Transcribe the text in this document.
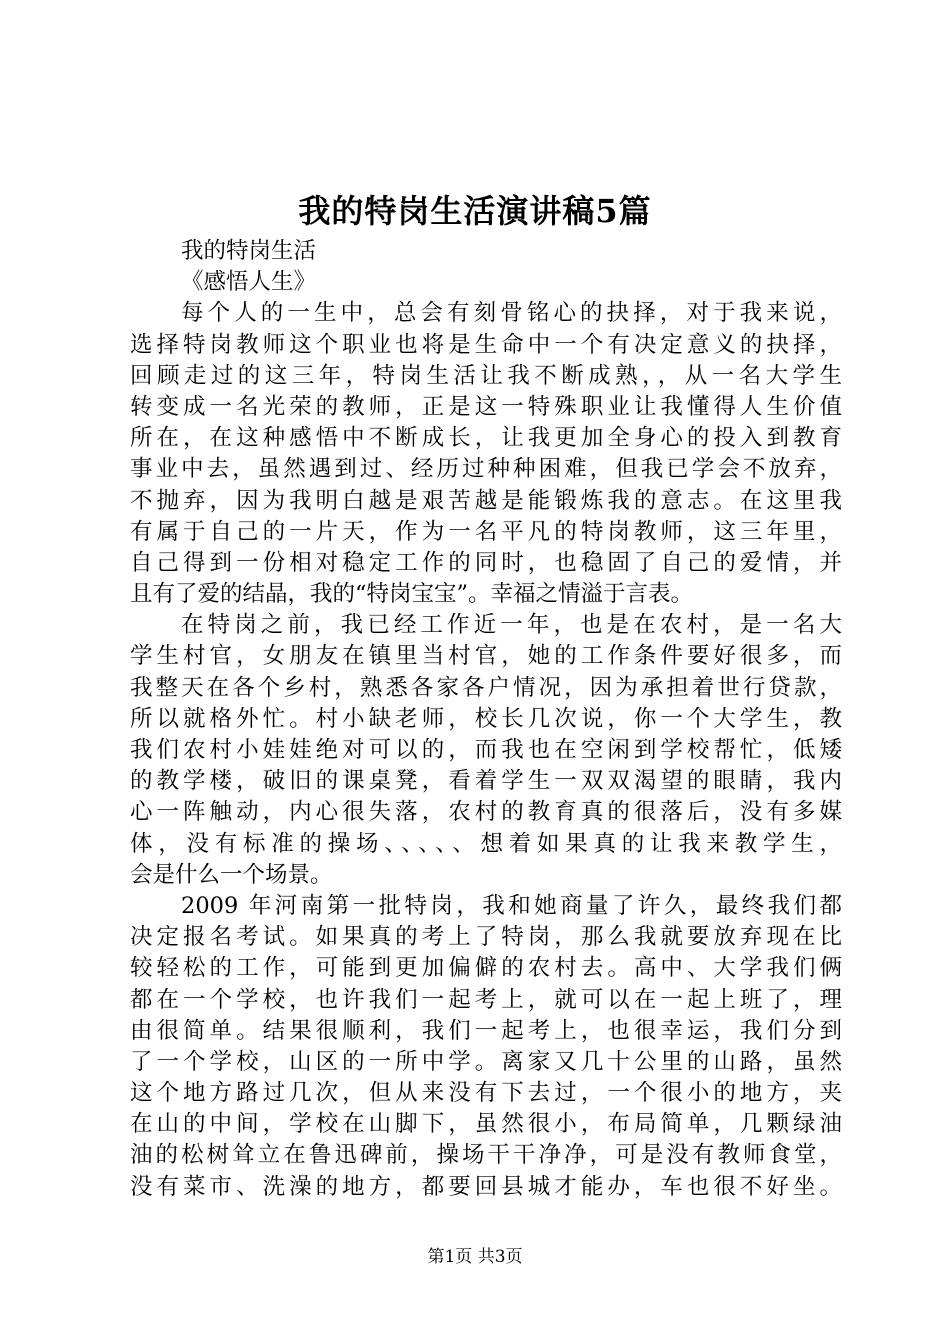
我的特岗生活演讲稿5篇
我的特岗生活
《感悟人生》
每个人的一生中，总会有刻骨铭心的抉择，对于我来说，
选择特岗教师这个职业也将是生命中一个有决定意义的抉择，
回顾走过的这三年，特岗生活让我不断成熟，，从一名大学生
转变成一名光荣的教师，正是这一特殊职业让我懂得人生价值
所在，在这种感悟中不断成长，让我更加全身心的投入到教育
事业中去，虽然遇到过、经历过种种困难，但我已学会不放弃，
不抛弃，因为我明白越是艰苦越是能锻炼我的意志。在这里我
有属于自己的一片天，作为一名平凡的特岗教师，这三年里，
自己得到一份相对稳定工作的同时，也稳固了自己的爱情，并
且有了爱的结晶，我的“特岗宝宝”。幸福之情溢于言表。
在特岗之前，我已经工作近一年，也是在农村，是一名大
学生村官，女朋友在镇里当村官，她的工作条件要好很多，而
我整天在各个乡村，熟悉各家各户情况，因为承担着世行贷款，
所以就格外忙。村小缺老师，校长几次说，你一个大学生，教
我们农村小娃娃绝对可以的，而我也在空闲到学校帮忙，低矮
的教学楼，破旧的课桌凳，看着学生一双双渴望的眼睛，我内
心一阵触动，内心很失落，农村的教育真的很落后，没有多媒
体，没有标准的操场、、、、、想着如果真的让我来教学生，
会是什么一个场景。
2009 年河南第一批特岗，我和她商量了许久，最终我们都
决定报名考试。如果真的考上了特岗，那么我就要放弃现在比
较轻松的工作，可能到更加偏僻的农村去。高中、大学我们俩
都在一个学校，也许我们一起考上，就可以在一起上班了，理
由很简单。结果很顺利，我们一起考上，也很幸运，我们分到
了一个学校，山区的一所中学。离家又几十公里的山路，虽然
这个地方路过几次，但从来没有下去过，一个很小的地方，夹
在山的中间，学校在山脚下，虽然很小，布局简单，几颗绿油
油的松树耸立在鲁迅碑前，操场干干净净，可是没有教师食堂，
没有菜市、洗澡的地方，都要回县城才能办，车也很不好坐。
第1页 共3页
